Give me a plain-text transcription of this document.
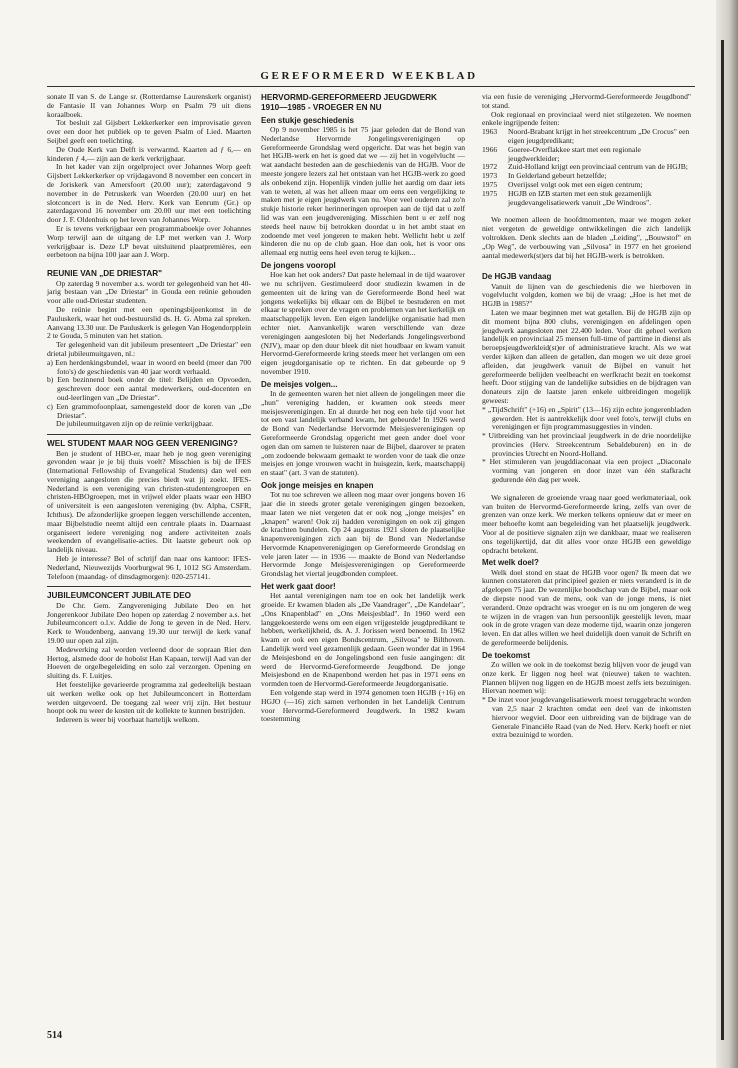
GEREFORMEERD WEEKBLAD

sonate II van S. de Lange sr. (Rotterdamse Laurenskerk organist) de Fantasie II van Johannes Worp en Psalm 79 uit diens koraalboek.

Tot besluit zal Gijsbert Lekkerkerker een improvisatie geven over een door het publiek op te geven Psalm of Lied. Maarten Seijbel geeft een toelichting.

De Oude Kerk van Delft is verwarmd. Kaarten ad ƒ 6,— en kinderen ƒ 4,— zijn aan de kerk verkrijgbaar.

In het kader van zijn orgelproject over Johannes Worp geeft Gijsbert Lekkerkerker op vrijdagavond 8 november een concert in de Joriskerk van Amersfoort (20.00 uur); zaterdagavond 9 november in de Petruskerk van Woerden (20.00 uur) en het slotconcert is in de Ned. Herv. Kerk van Eenrum (Gr.) op zaterdagavond 16 november om 20.00 uur met een toelichting door J. F. Oldenhuis op het leven van Johannes Worp.

Er is tevens verkrijgbaar een programmaboekje over Johannes Worp terwijl aan de uitgang de LP met werken van J. Worp verkrijgbaar is. Deze LP bevat uitsluitend plaatpremières, een eerbetoon na bijna 100 jaar aan J. Worp.

REUNIE VAN „DE DRIESTAR"

Op zaterdag 9 november a.s. wordt ter gelegenheid van het 40-jarig bestaan van „De Driestar" in Gouda een reünie gehouden voor alle oud-Driestar studenten.

De reünie begint met een openingsbijeenkomst in de Pauluskerk, waar het oud-bestuurslid ds. H. G. Abma zal spreken. Aanvang 13.30 uur. De Pauluskerk is gelegen Van Hogendorpplein 2 te Gouda, 5 minuten van het station.

Ter gelegenheid van dit jubileum presenteert „De Driestar" een drietal jubileumuitgaven, nl.:

a) Een herdenkingsbundel, waar in woord en beeld (meer dan 700 foto's) de geschiedenis van 40 jaar wordt verhaald.

b) Een bezinnend boek onder de titel: Belijden en Opvoeden, geschreven door een aantal medewerkers, oud-docenten en oud-leerlingen van „De Driestar".

c) Een grammofoonplaat, samengesteld door de koren van „De Driestar".

De jubileumuitgaven zijn op de reünie verkrijgbaar.

WEL STUDENT MAAR NOG GEEN VERENIGING?

Ben je student of HBO-er, maar heb je nog geen vereniging gevonden waar je je bij thuis voelt? Misschien is bij de IFES (International Fellowship of Evangelical Students) dan wel een vereniging aangesloten die precies biedt wat jij zoekt. IFES-Nederland is een vereniging van christen-studentengroepen en christen-HBOgroepen, met in vrijwel elder plaats waar een HBO of universiteit is een aangesloten vereniging (bv. Alpha, CSFR, Ichthus). De afzonderlijke groepen leggen verschillende accenten, maar Bijbelstudie neemt altijd een centrale plaats in. Daarnaast organiseert iedere vereniging nog andere activiteiten zoals weekenden of evangelisatie-acties. Dit laatste gebeurt ook op landelijk niveau.

Heb je interesse? Bel of schrijf dan naar ons kantoor: IFES-Nederland, Nieuwezijds Voorburgwal 96 I, 1012 SG Amsterdam. Telefoon (maandag- of dinsdagmorgen): 020-257141.

JUBILEUMCONCERT JUBILATE DEO

De Chr. Gem. Zangvereniging Jubilate Deo en het Jongerenkoor Jubilate Deo hopen op zaterdag 2 november a.s. het Jubileumconcert o.l.v. Addie de Jong te geven in de Ned. Herv. Kerk te Woudenberg, aanvang 19.30 uur terwijl de kerk vanaf 19.00 uur open zal zijn.

Medewerking zal worden verleend door de sopraan Riet den Hertog, alsmede door de hoboïst Han Kapaan, terwijl Aad van der Hoeven de orgelbegeleiding en solo zal verzorgen. Opening en sluiting ds. F. Luitjes.

Het feestelijke gevarieerde programma zal gedeeltelijk bestaan uit werken welke ook op het Jubileumconcert in Rotterdam werden uitgevoerd. De toegang zal weer vrij zijn. Het bestuur hoopt ook nu weer de kosten uit de kollekte te kunnen bestrijden.

Iedereen is weer bij voorbaat hartelijk welkom.

HERVORMD-GEREFORMEERD JEUGDWERK
1910—1985 - VROEGER EN NU
Een stukje geschiedenis

Op 9 november 1985 is het 75 jaar geleden dat de Bond van Nederlandse Hervormde Jongelingsverenigingen op Gereformeerde Grondslag werd opgericht. Dat was het begin van het HGJB-werk en het is goed dat we — zij het in vogelvlucht — wat aandacht besteden aan de geschiedenis van de HGJB. Voor de meeste jongere lezers zal het ontstaan van het HGJB-werk zo goed als onbekend zijn. Hopenlijk vinden jullie het aardig om daar iets van te weten, al was het alleen maar om eens een vergelijking te maken met je eigen jeugdwerk van nu. Voor veel ouderen zal zo'n stukje historie reker herinneringen oproepen aan de tijd dat u zelf lid was van een jeugdvereniging. Misschien bent u er zelf nog steeds heel nauw bij betrokken doordat u in het ambt staat en zodoende met veel jongeren te maken hebt. Wellicht hebt u zelf kinderen die nu op de club gaan. Hoe dan ook, het is voor ons allemaal erg nuttig eens heel even terug te kijken...

De jongens vooropl

Hoe kan het ook anders? Dat paste helemaal in de tijd waarover we nu schrijven. Gestimuleerd door studiezin kwamen in de gemeenten uit de kring van de Gereformeerde Bond heel wat jongens wekelijks bij elkaar om de Bijbel te bestuderen en met elkaar te spreken over de vragen en problemen van het kerkelijk en maatschappelijk leven. Een eigen landelijke organisatie had men echter niet. Aanvankelijk waren verschillende van deze verenigingen aangesloten bij het Nederlands Jongelingsverbond (NJV), maar op den duur bleek dit niet houdbaar en kwam vanuit Hervormd-Gereformeerde kring steeds meer het verlangen om een eigen jeugdorganisatie op te richten. En dat gebeurde op 9 november 1910.

De meisjes volgen...

In de gemeenten waren het niet alleen de jongelingen meer die „hun" vereniging hadden, er kwamen ook steeds meer meisjesverenigingen. En al duurde het nog een hele tijd voor het tot een vast landelijk verband kwam, het gebeurde! In 1926 werd de Bond van Nederlandse Hervormde Meisjesverenigingen op Gereformeerde Grondslag opgericht met geen ander doel voor ogen dan om samen te luisteren naar de Bijbel, daarover te praten „om zodoende bekwaam gemaakt te worden voor de taak die onze meisjes en jonge vrouwen wacht in huisgezin, kerk, maatschappij en staat" (art. 3 van de statuten).

Ook jonge meisjes en knapen

Tot nu toe schreven we alleen nog maar over jongens boven 16 jaar die in steeds groter getale verenigingen gingen bezoeken, maar laten we niet vergeten dat er ook nog „jonge meisjes" en „knapen" waren! Ook zij hadden verenigingen en ook zij gingen de krachten bundelen. Op 24 augustus 1921 sloten de plaatselijke knapenverenigingen zich aan bij de Bond van Nederlandse Hervormde Knapenverenigingen op Gereformeerde Grondslag en vele jaren later — in 1936 — maakte de Bond van Nederlandse Hervormde Jonge Meisjesverenigingen op Gereformeerde Grondslag het viertal jeugdbonden compleet.

Het werk gaat door!

Het aantal verenigingen nam toe en ook het landelijk werk groeide. Er kwamen bladen als „De Vaandrager", „De Kandelaar", „Ons Knapenblad" en „Ons Meisjesblad". In 1960 werd een langgekoesterde wens om een eigen vrijgestelde jeugdpredikant te hebben, werkelijkheid, ds. A. J. Jorissen werd benoemd. In 1962 kwam er ook een eigen Bondscentrum, „Silvosa" te Bilthoven. Landelijk werd veel gezamenlijk gedaan. Geen wonder dat in 1964 de Meisjesbond en de Jongelingsbond een fusie aangingen: dit werd de Hervormd-Gereformeerde Jeugdbond. De jonge Meisjesbond en de Knapenbond werden het pas in 1971 eens en vormden toen de Hervormd-Gereformeerde Jeugdorganisatie.

Een volgende stap werd in 1974 genomen toen HGJB (+16) en HGJO (—16) zich samen verhonden in het Landelijk Centrum voor Hervormd-Gereformeerd Jeugdwerk. In 1982 kwam toestemming

via een fusie de vereniging „Hervormd-Gereformeerde Jeugdbond" tot stand.

Ook regionaal en provinciaal werd niet stilgezeten. We noemen enkele ingrijpende feiten:

1963 Noord-Brabant krijgt in het streekcentrum „De Crocus" een eigen jeugdpredikant;

1966 Goeree-Overflakkee start met een regionale jeugdwerkleider;

1972 Zuid-Holland krijgt een provinciaal centrum van de HGJB;

1973 In Gelderland gebeurt hetzelfde;

1975 Overijssel volgt ook met een eigen centrum;

1975 HGJB en IZB starten met een stuk gezamenlijk jeugdevangelisatiewerk vanuit „De Windroos".

We noemen alleen de hoofdmomenten, maar we mogen zeker niet vergeten de geweldige ontwikkelingen die zich landelijk voltrokken. Denk slechts aan de bladen „Leiding", „Bouwstof" en „Op Weg", de verbouwing van „Silvosa" in 1977 en het groeiend aantal medewerk(st)ers dat bij het HGJB-werk is betrokken.

De HGJB vandaag

Vanuit de lijnen van de geschiedenis die we hierboven in vogelvlucht volgden, komen we bij de vraag: „Hoe is het met de HGJB in 1985?"

Laten we maar beginnen met wat getallen. Bij de HGJB zijn op dit moment bijna 800 clubs, verenigingen en afdelingen open jeugdwerk aangesloten met 22.400 leden. Voor dit geheel werken landelijk en provinciaal 25 mensen full-time of parttime in dienst als beroepsjeugdwerkleid(st)er of administratieve kracht. Als we wat verder kijken dan alleen de getallen, dan mogen we uit deze groei afleiden, dat jeugdwerk vanuit de Bijbel en vanuit het gereformeerde belijden veelbeacht en werfkracht bezit en toekomst heeft. Door stijging van de landelijke subsidies en de bijdragen van donateurs zijn de laatste jaren enkele uitbreidingen mogelijk geweest:

* „TijdSchrift" (+16) en „Spirit" (13—16) zijn echte jongerenbladen geworden. Het is aantrekkelijk door veel foto's, terwijl clubs en verenigingen er fijn programmasuggesties in vinden.

* Uitbreiding van het provinciaal jeugdwerk in de drie noordelijke provincies (Herv. Streekcentrum Sebaldeburen) en in de provincies Utrecht en Noord-Holland.

* Het stimuleren van jeugddiaconaat via een project „Diaconale vorming van jongeren en door inzet van één stafkracht gedurende één dag per week.

We signaleren de groeiende vraag naar goed werkmateriaal, ook van buiten de Hervormd-Gereformeerde kring, zelfs van over de grenzen van onze kerk. We merken telkens opnieuw dat er meer en meer behoefte komt aan begeleiding van het plaatselijk jeugdwerk. Voor al de positieve signalen zijn we dankbaar, maar we realiseren ons tegelijkertijd, dat dit alles voor onze HGJB een geweldige opdracht betekent.

Met welk doel?

Welk doel stond en staat de HGJB voor ogen? Ik meen dat we kunnen constateren dat principieel gezien er niets veranderd is in de afgelopen 75 jaar. De wezenlijke boodschap van de Bijbel, maar ook de diepste nood van de mens, ook van de jonge mens, is niet veranderd. Onze opdracht was vroeger en is nu om jongeren de weg te wijzen in de vragen van hun persoonlijk geestelijk leven, maar ook in de grote vragen van deze moderne tijd, waarin onze jongeren leven. En dat alles willen we heel duidelijk doen vanuit de Schrift en de gereformeerde belijdenis.

De toekomst

Zo willen we ook in de toekomst bezig blijven voor de jeugd van onze kerk. Er liggen nog heel wat (nieuwe) taken te wachten. Plannen blijven nog liggen en de HGJB moest zelfs iets bezuinigen. Hiervan noemen wij:

* De inzet voor jeugdevangelisatiewerk moest teruggebracht worden van 2,5 naar 2 krachten omdat een deel van de inkomsten hiervoor wegviel. Door een uitbreiding van de bijdrage van de Generale Financiële Raad (van de Ned. Herv. Kerk) hoeft er niet extra bezuinigd te worden.

514
